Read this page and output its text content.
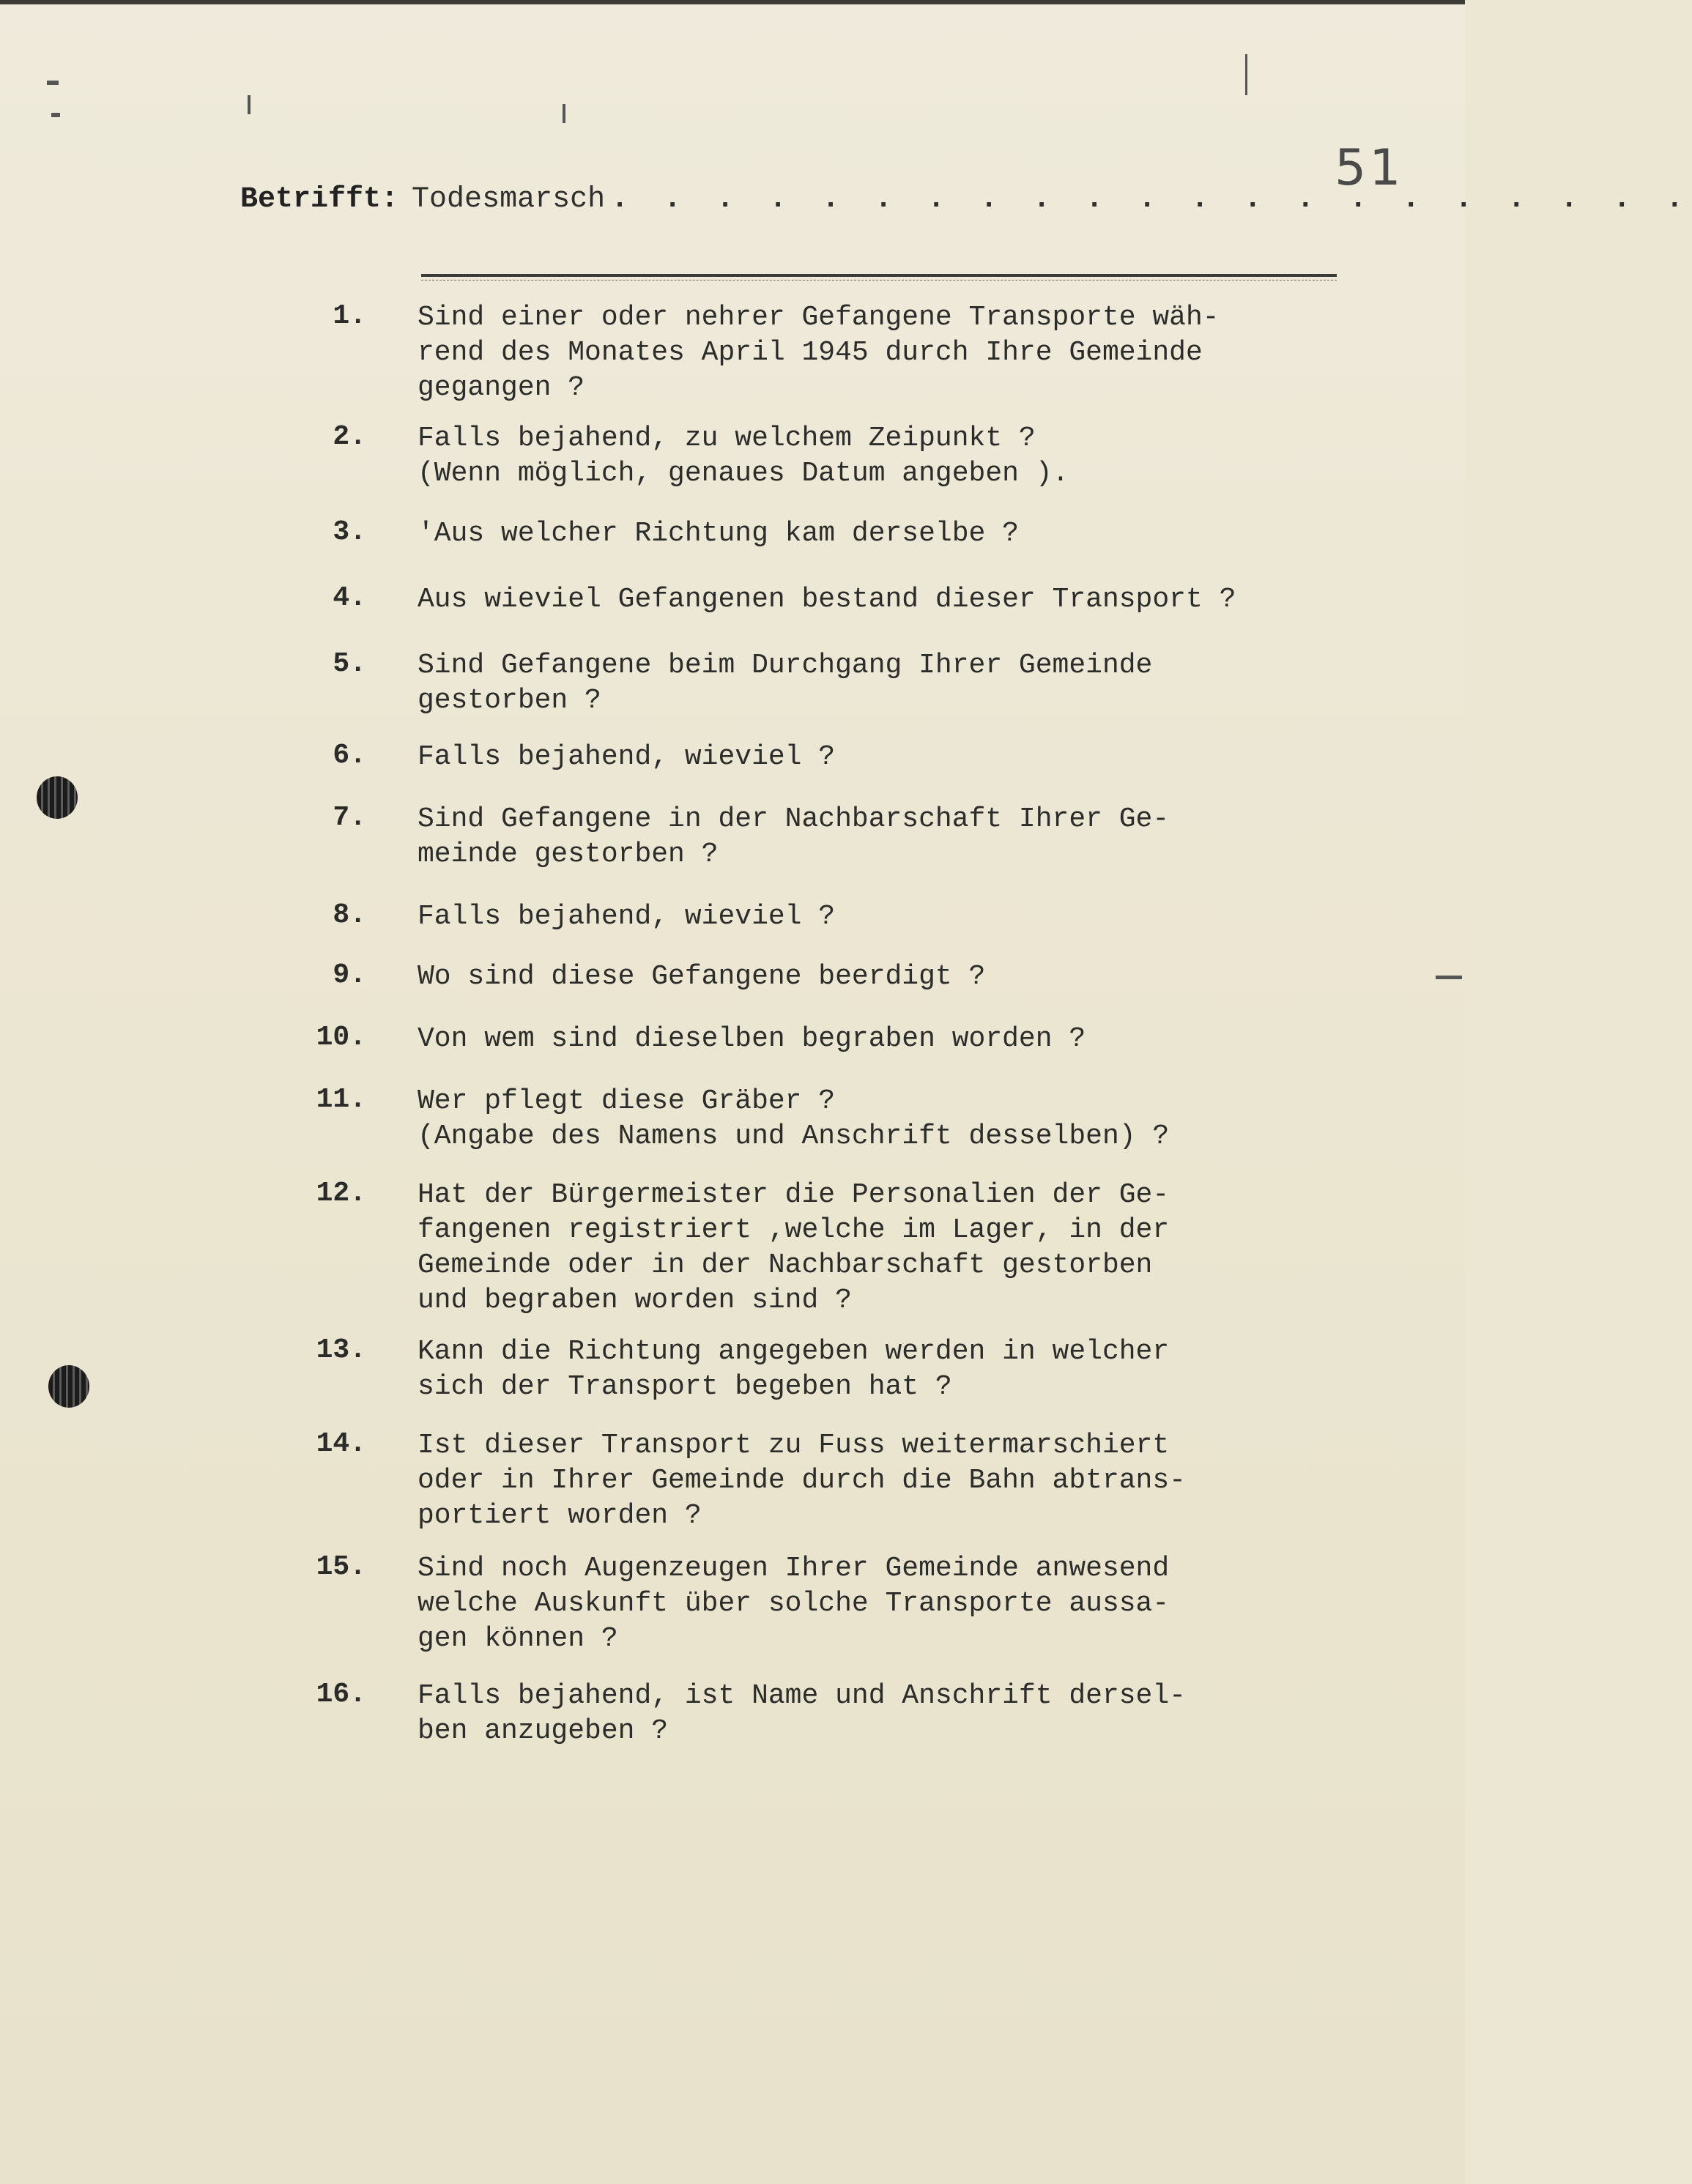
51
Betrifft: Todesmarsch . . . . . . . . . . . . . . . . . . . . .
1. Sind einer oder nehrer Gefangene Transporte wäh-
rend des Monates April 1945 durch Ihre Gemeinde
gegangen ?
2. Falls bejahend, zu welchem Zeipunkt ?
(Wenn möglich, genaues Datum angeben ).
3. 'Aus welcher Richtung kam derselbe ?
4. Aus wieviel Gefangenen bestand dieser Transport ?
5. Sind Gefangene beim Durchgang Ihrer Gemeinde
gestorben ?
6. Falls bejahend, wieviel ?
7. Sind Gefangene in der Nachbarschaft Ihrer Ge-
meinde gestorben ?
8. Falls bejahend, wieviel ?
9. Wo sind diese Gefangene beerdigt ?
10. Von wem sind dieselben begraben worden ?
11. Wer pflegt diese Gräber ?
(Angabe des Namens und Anschrift desselben) ?
12. Hat der Bürgermeister die Personalien der Ge-
fangenen registriert ,welche im Lager, in der
Gemeinde oder in der Nachbarschaft gestorben
und begraben worden sind ?
13. Kann die Richtung angegeben werden in welcher
sich der Transport begeben hat ?
14. Ist dieser Transport zu Fuss weitermarschiert
oder in Ihrer Gemeinde durch die Bahn abtrans-
portiert worden ?
15. Sind noch Augenzeugen Ihrer Gemeinde anwesend
welche Auskunft über solche Transporte aussa-
gen können ?
16. Falls bejahend, ist Name und Anschrift dersel-
ben anzugeben ?
